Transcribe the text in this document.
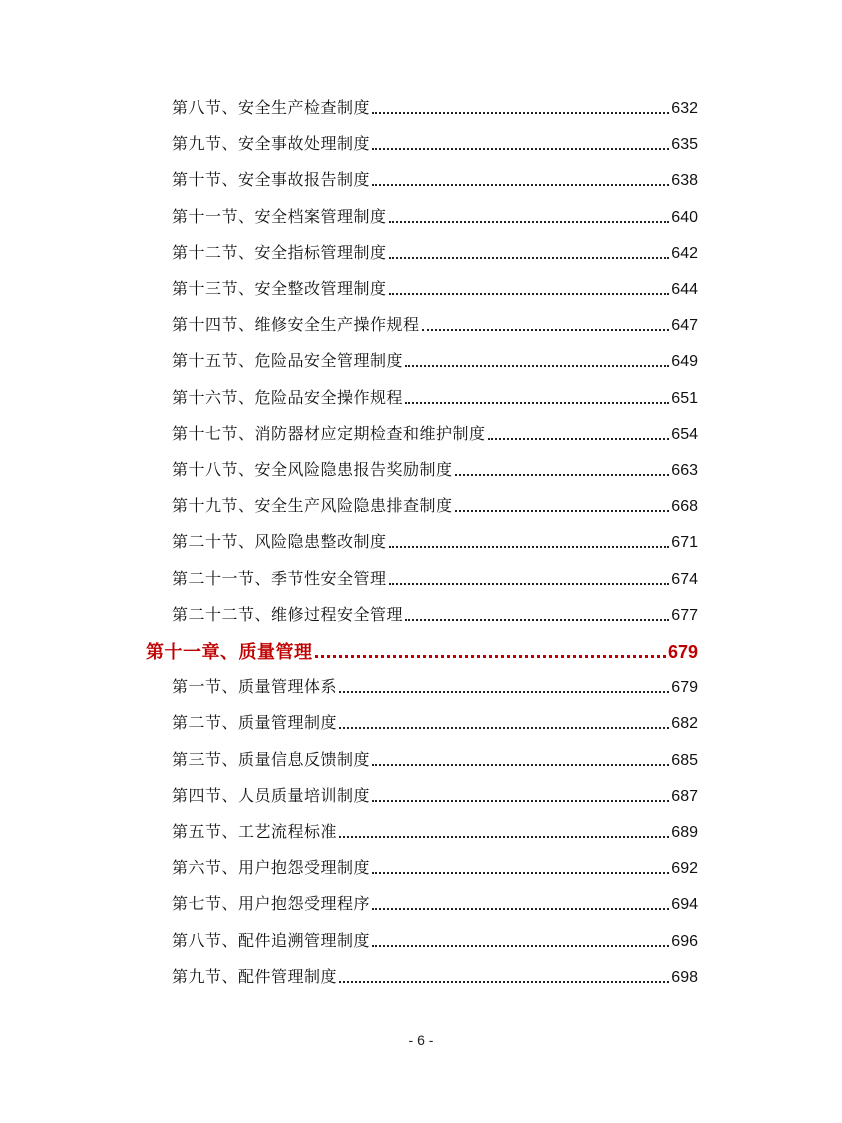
第八节、安全生产检查制度	632
第九节、安全事故处理制度	635
第十节、安全事故报告制度	638
第十一节、安全档案管理制度	640
第十二节、安全指标管理制度	642
第十三节、安全整改管理制度	644
第十四节、维修安全生产操作规程	647
第十五节、危险品安全管理制度	649
第十六节、危险品安全操作规程	651
第十七节、消防器材应定期检查和维护制度	654
第十八节、安全风险隐患报告奖励制度	663
第十九节、安全生产风险隐患排查制度	668
第二十节、风险隐患整改制度	671
第二十一节、季节性安全管理	674
第二十二节、维修过程安全管理	677
第十一章、质量管理	679
第一节、质量管理体系	679
第二节、质量管理制度	682
第三节、质量信息反馈制度	685
第四节、人员质量培训制度	687
第五节、工艺流程标准	689
第六节、用户抱怨受理制度	692
第七节、用户抱怨受理程序	694
第八节、配件追溯管理制度	696
第九节、配件管理制度	698
- 6 -
